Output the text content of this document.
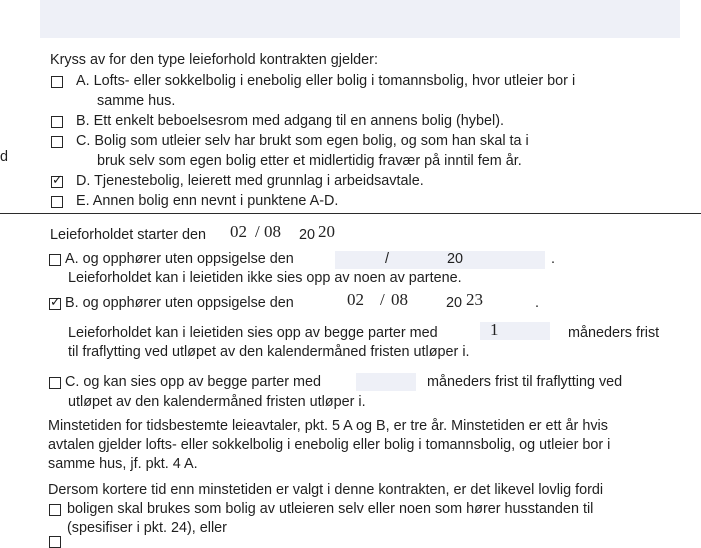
d
Kryss av for den type leieforhold kontrakten gjelder:
A. Lofts- eller sokkelbolig i enebolig eller bolig i tomannsbolig, hvor utleier bor i
samme hus.
B. Ett enkelt beboelsesrom med adgang til en annens bolig (hybel).
C. Bolig som utleier selv har brukt som egen bolig, og som han skal ta i
bruk selv som egen bolig etter et midlertidig fravær på inntil fem år.
✓ D. Tjenestebolig, leierett med grunnlag i arbeidsavtale.
E. Annen bolig enn nevnt i punktene A-D.
Leieforholdet starter den 02 / 08 20 20
A. og opphører uten oppsigelse den	/	20	.
Leieforholdet kan i leietiden ikke sies opp av noen av partene.
✓ B. og opphører uten oppsigelse den	02 / 08	20 23	.
Leieforholdet kan i leietiden sies opp av begge parter med	1	måneders frist
til fraflytting ved utløpet av den kalendermåned fristen utløper i.
C. og kan sies opp av begge parter med	måneders frist til fraflytting ved
utløpet av den kalendermåned fristen utløper i.
Minstetiden for tidsbestemte leieavtaler, pkt. 5 A og B, er tre år. Minstetiden er ett år hvis
avtalen gjelder lofts- eller sokkelbolig i enebolig eller bolig i tomannsbolig, og utleier bor i
samme hus, jf. pkt. 4 A.
Dersom kortere tid enn minstetiden er valgt i denne kontrakten, er det likevel lovlig fordi
boligen skal brukes som bolig av utleieren selv eller noen som hører husstanden til
(spesifiser i pkt. 24), eller
